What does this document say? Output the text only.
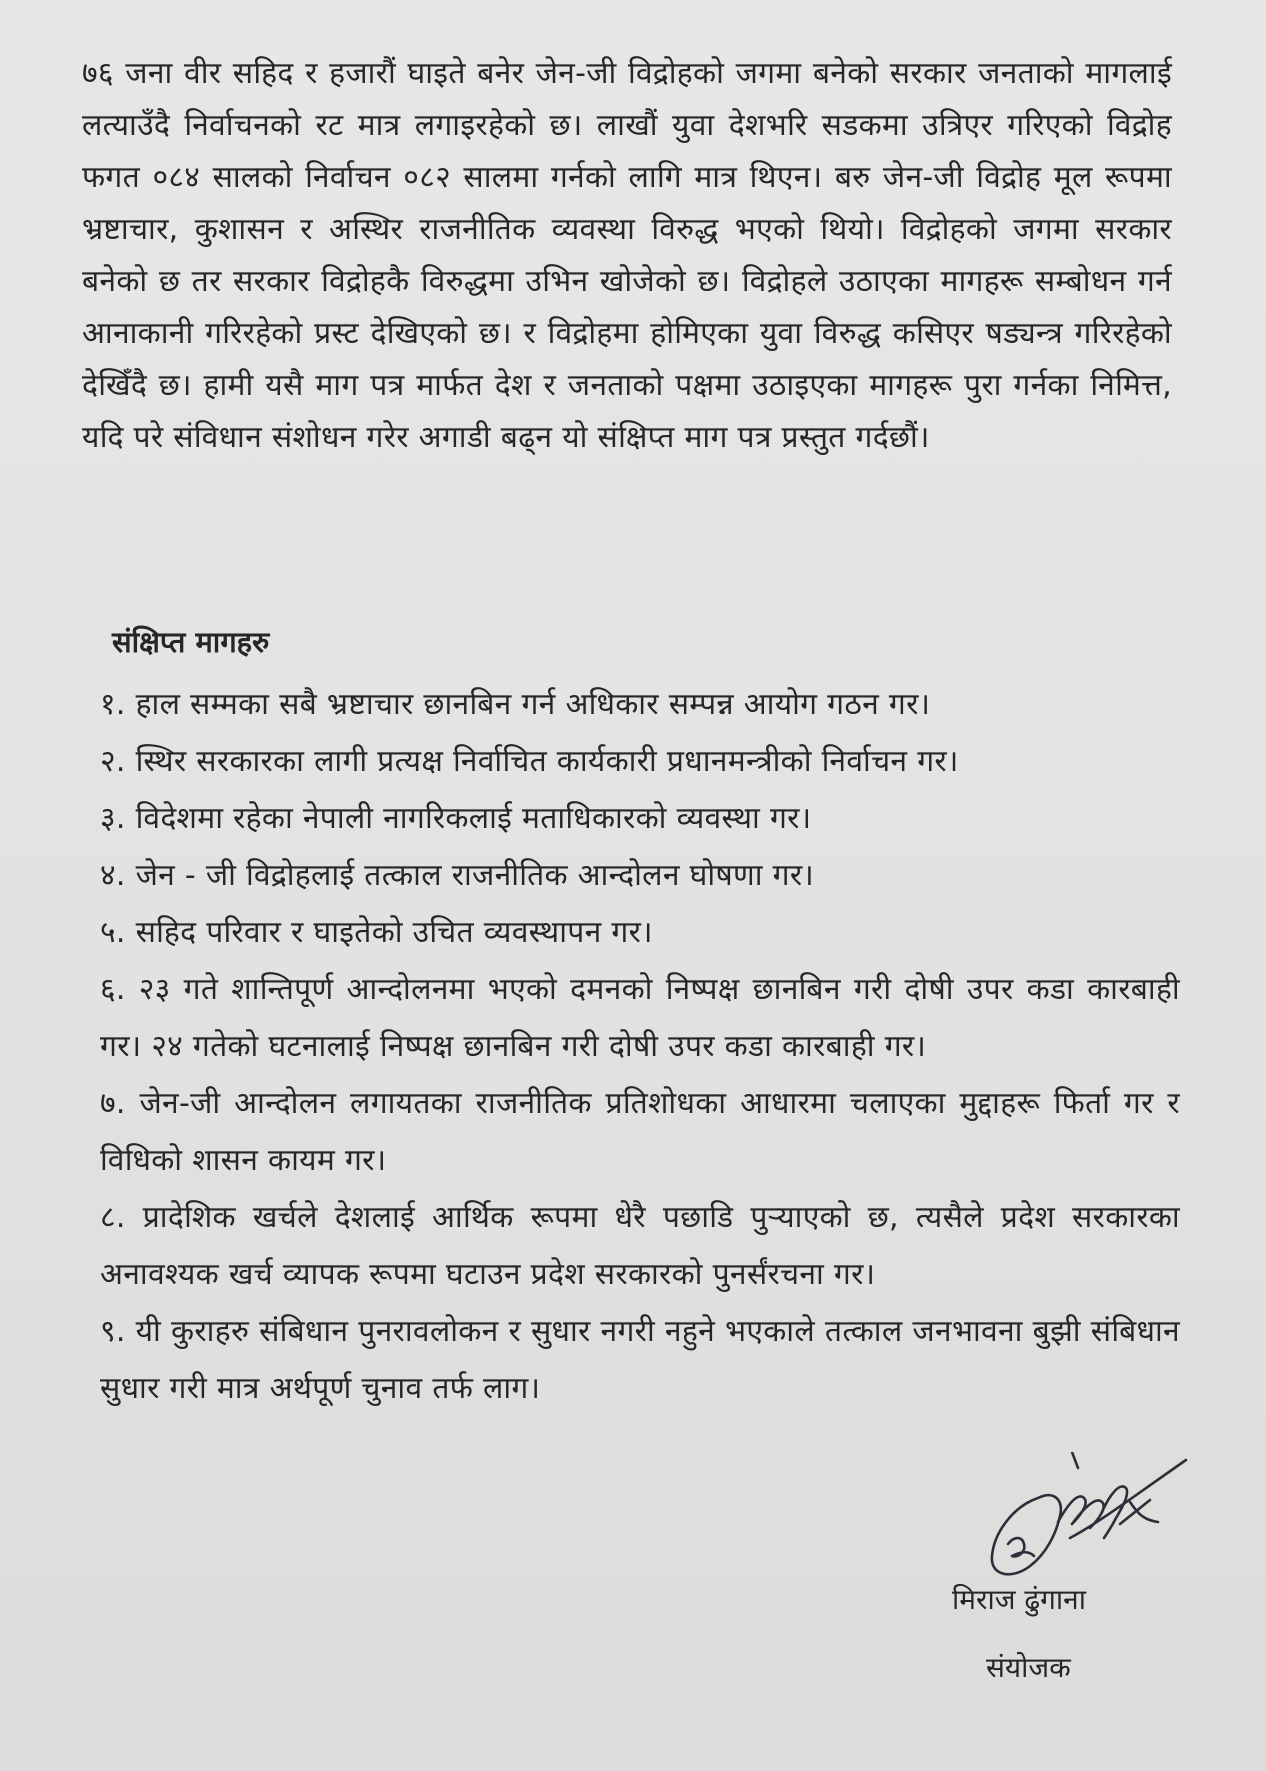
७६ जना वीर सहिद र हजारौं घाइते बनेर जेन-जी विद्रोहको जगमा बनेको सरकार जनताको मागलाई लत्याउँदै निर्वाचनको रट मात्र लगाइरहेको छ। लाखौं युवा देशभरि सडकमा उत्रिएर गरिएको विद्रोह फगत ०८४ सालको निर्वाचन ०८२ सालमा गर्नको लागि मात्र थिएन। बरु जेन-जी विद्रोह मूल रूपमा भ्रष्टाचार, कुशासन र अस्थिर राजनीतिक व्यवस्था विरुद्ध भएको थियो। विद्रोहको जगमा सरकार बनेको छ तर सरकार विद्रोहकै विरुद्धमा उभिन खोजेको छ। विद्रोहले उठाएका मागहरू सम्बोधन गर्न आनाकानी गरिरहेको प्रस्ट देखिएको छ। र विद्रोहमा होमिएका युवा विरुद्ध कसिएर षड्यन्त्र गरिरहेको देखिँदै छ। हामी यसै माग पत्र मार्फत देश र जनताको पक्षमा उठाइएका मागहरू पुरा गर्नका निमित्त, यदि परे संविधान संशोधन गरेर अगाडी बढ्न यो संक्षिप्त माग पत्र प्रस्तुत गर्दछौं।

संक्षिप्त मागहरु
१. हाल सम्मका सबै भ्रष्टाचार छानबिन गर्न अधिकार सम्पन्न आयोग गठन गर।
२. स्थिर सरकारका लागी प्रत्यक्ष निर्वाचित कार्यकारी प्रधानमन्त्रीको निर्वाचन गर।
३. विदेशमा रहेका नेपाली नागरिकलाई मताधिकारको व्यवस्था गर।
४. जेन - जी विद्रोहलाई तत्काल राजनीतिक आन्दोलन घोषणा गर।
५. सहिद परिवार र घाइतेको उचित व्यवस्थापन गर।
६. २३ गते शान्तिपूर्ण आन्दोलनमा भएको दमनको निष्पक्ष छानबिन गरी दोषी उपर कडा कारबाही गर। २४ गतेको घटनालाई निष्पक्ष छानबिन गरी दोषी उपर कडा कारबाही गर।
७. जेन-जी आन्दोलन लगायतका राजनीतिक प्रतिशोधका आधारमा चलाएका मुद्दाहरू फिर्ता गर र विधिको शासन कायम गर।
८. प्रादेशिक खर्चले देशलाई आर्थिक रूपमा धेरै पछाडि पुर्‍याएको छ, त्यसैले प्रदेश सरकारका अनावश्यक खर्च व्यापक रूपमा घटाउन प्रदेश सरकारको पुनर्संरचना गर।
९. यी कुराहरु संबिधान पुनरावलोकन र सुधार नगरी नहुने भएकाले तत्काल जनभावना बुझी संबिधान सुधार गरी मात्र अर्थपूर्ण चुनाव तर्फ लाग।

मिराज ढुंगाना

संयोजक
